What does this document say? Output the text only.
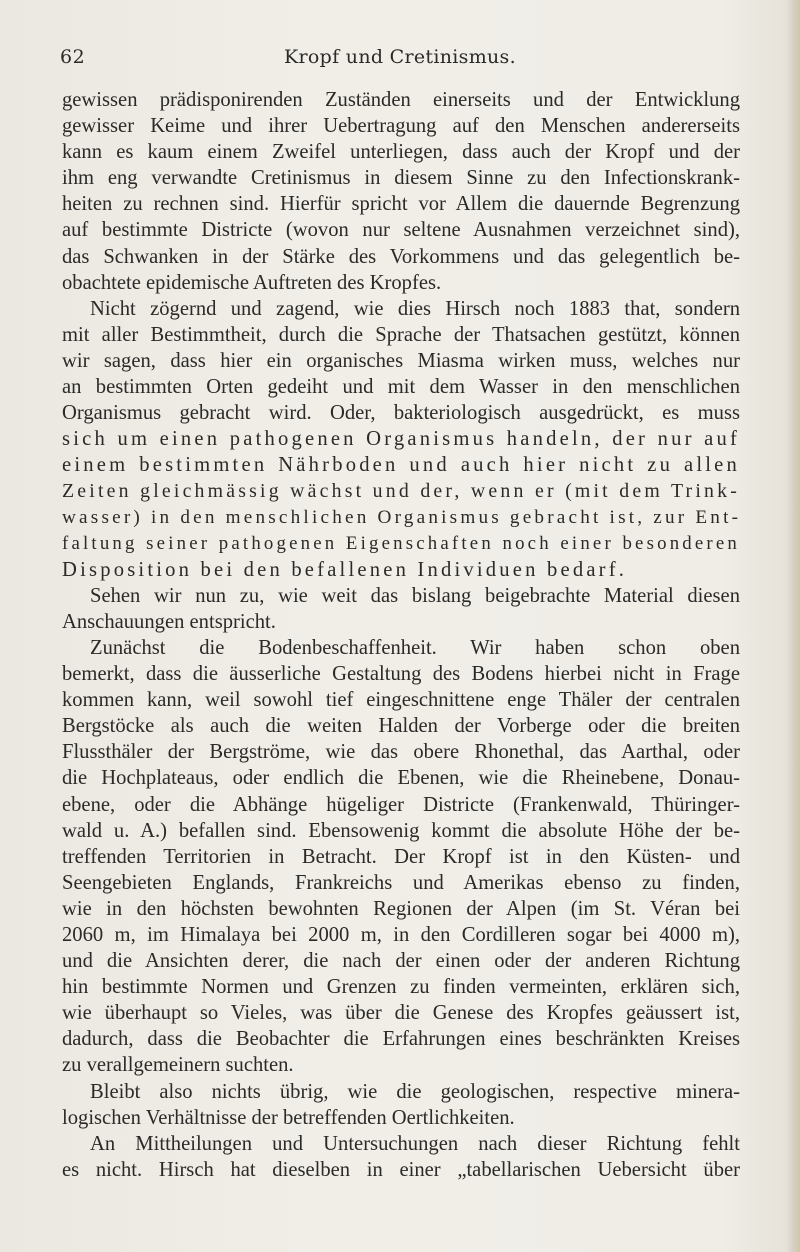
62	Kropf und Cretinismus.
gewissen prädisponirenden Zuständen einerseits und der Entwicklung
gewisser Keime und ihrer Uebertragung auf den Menschen andererseits
kann es kaum einem Zweifel unterliegen, dass auch der Kropf und der
ihm eng verwandte Cretinismus in diesem Sinne zu den Infectionskrank-
heiten zu rechnen sind. Hierfür spricht vor Allem die dauernde Begrenzung
auf bestimmte Districte (wovon nur seltene Ausnahmen verzeichnet sind),
das Schwanken in der Stärke des Vorkommens und das gelegentlich be-
obachtete epidemische Auftreten des Kropfes.
Nicht zögernd und zagend, wie dies Hirsch noch 1883 that, sondern
mit aller Bestimmtheit, durch die Sprache der Thatsachen gestützt, können
wir sagen, dass hier ein organisches Miasma wirken muss, welches nur
an bestimmten Orten gedeiht und mit dem Wasser in den menschlichen
Organismus gebracht wird. Oder, bakteriologisch ausgedrückt, es muss
sich um einen pathogenen Organismus handeln, der nur auf
einem bestimmten Nährboden und auch hier nicht zu allen
Zeiten gleichmässig wächst und der, wenn er (mit dem Trink-
wasser) in den menschlichen Organismus gebracht ist, zur Ent-
faltung seiner pathogenen Eigenschaften noch einer besonderen
Disposition bei den befallenen Individuen bedarf.
Sehen wir nun zu, wie weit das bislang beigebrachte Material diesen
Anschauungen entspricht.
Zunächst die Bodenbeschaffenheit. Wir haben schon oben
bemerkt, dass die äusserliche Gestaltung des Bodens hierbei nicht in Frage
kommen kann, weil sowohl tief eingeschnittene enge Thäler der centralen
Bergstöcke als auch die weiten Halden der Vorberge oder die breiten
Flussthäler der Bergströme, wie das obere Rhonethal, das Aarthal, oder
die Hochplateaus, oder endlich die Ebenen, wie die Rheinebene, Donau-
ebene, oder die Abhänge hügeliger Districte (Frankenwald, Thüringer-
wald u. A.) befallen sind. Ebensowenig kommt die absolute Höhe der be-
treffenden Territorien in Betracht. Der Kropf ist in den Küsten- und
Seengebieten Englands, Frankreichs und Amerikas ebenso zu finden,
wie in den höchsten bewohnten Regionen der Alpen (im St. Véran bei
2060 m, im Himalaya bei 2000 m, in den Cordilleren sogar bei 4000 m),
und die Ansichten derer, die nach der einen oder der anderen Richtung
hin bestimmte Normen und Grenzen zu finden vermeinten, erklären sich,
wie überhaupt so Vieles, was über die Genese des Kropfes geäussert ist,
dadurch, dass die Beobachter die Erfahrungen eines beschränkten Kreises
zu verallgemeinern suchten.
Bleibt also nichts übrig, wie die geologischen, respective minera-
logischen Verhältnisse der betreffenden Oertlichkeiten.
An Mittheilungen und Untersuchungen nach dieser Richtung fehlt
es nicht. Hirsch hat dieselben in einer „tabellarischen Uebersicht über
